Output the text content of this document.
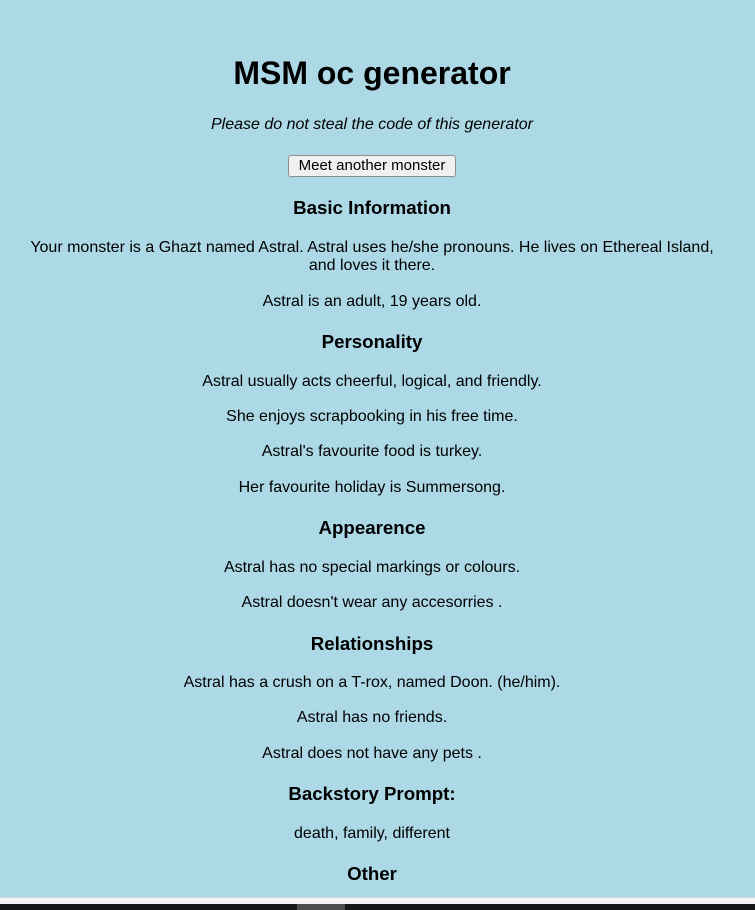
MSM oc generator

Please do not steal the code of this generator

Meet another monster
Basic Information

Your monster is a Ghazt named Astral. Astral uses he/she pronouns. He lives on Ethereal Island, and loves it there.

Astral is an adult, 19 years old.

Personality

Astral usually acts cheerful, logical, and friendly.

She enjoys scrapbooking in his free time.

Astral's favourite food is turkey.

Her favourite holiday is Summersong.

Appearence

Astral has no special markings or colours.

Astral doesn't wear any accesorries .

Relationships

Astral has a crush on a T-rox, named Doon. (he/him).

Astral has no friends.

Astral does not have any pets .

Backstory Prompt:

death, family, different

Other
